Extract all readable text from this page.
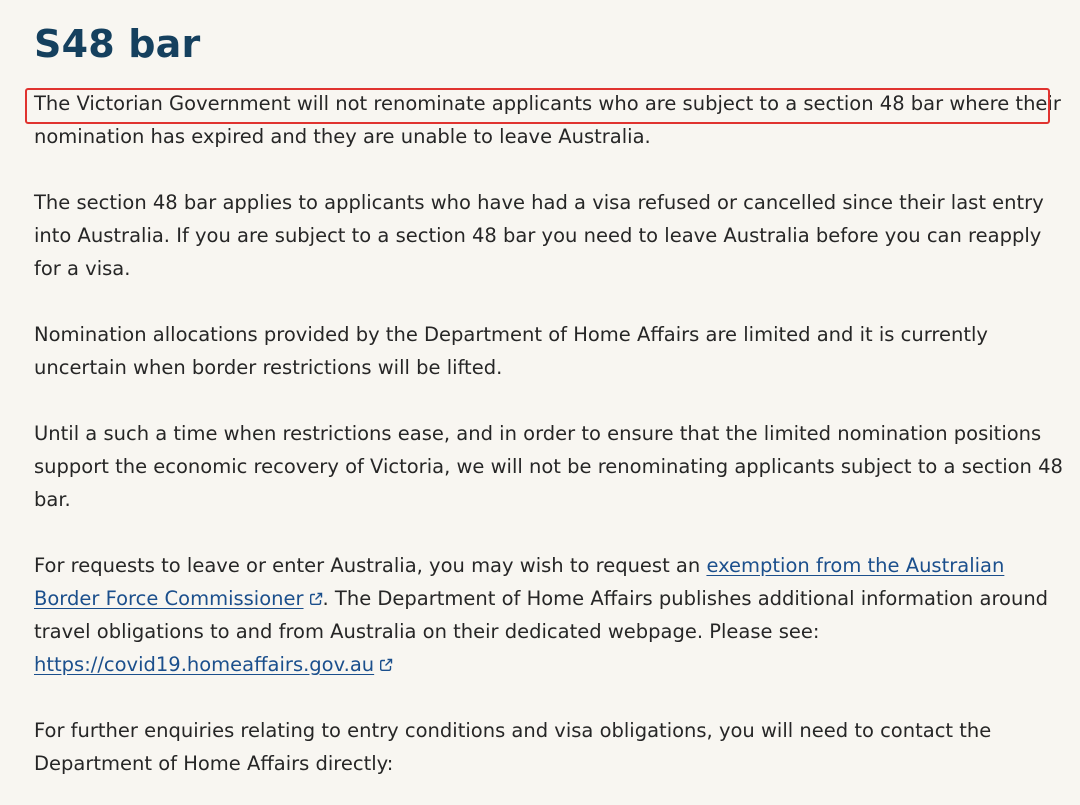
S48 bar

The Victorian Government will not renominate applicants who are subject to a section 48 bar where their nomination has expired and they are unable to leave Australia.

The section 48 bar applies to applicants who have had a visa refused or cancelled since their last entry into Australia. If you are subject to a section 48 bar you need to leave Australia before you can reapply for a visa.

Nomination allocations provided by the Department of Home Affairs are limited and it is currently uncertain when border restrictions will be lifted.

Until a such a time when restrictions ease, and in order to ensure that the limited nomination positions support the economic recovery of Victoria, we will not be renominating applicants subject to a section 48 bar.

For requests to leave or enter Australia, you may wish to request an exemption from the Australian Border Force Commissioner . The Department of Home Affairs publishes additional information around travel obligations to and from Australia on their dedicated webpage. Please see: https://covid19.homeaffairs.gov.au

For further enquiries relating to entry conditions and visa obligations, you will need to contact the Department of Home Affairs directly:
